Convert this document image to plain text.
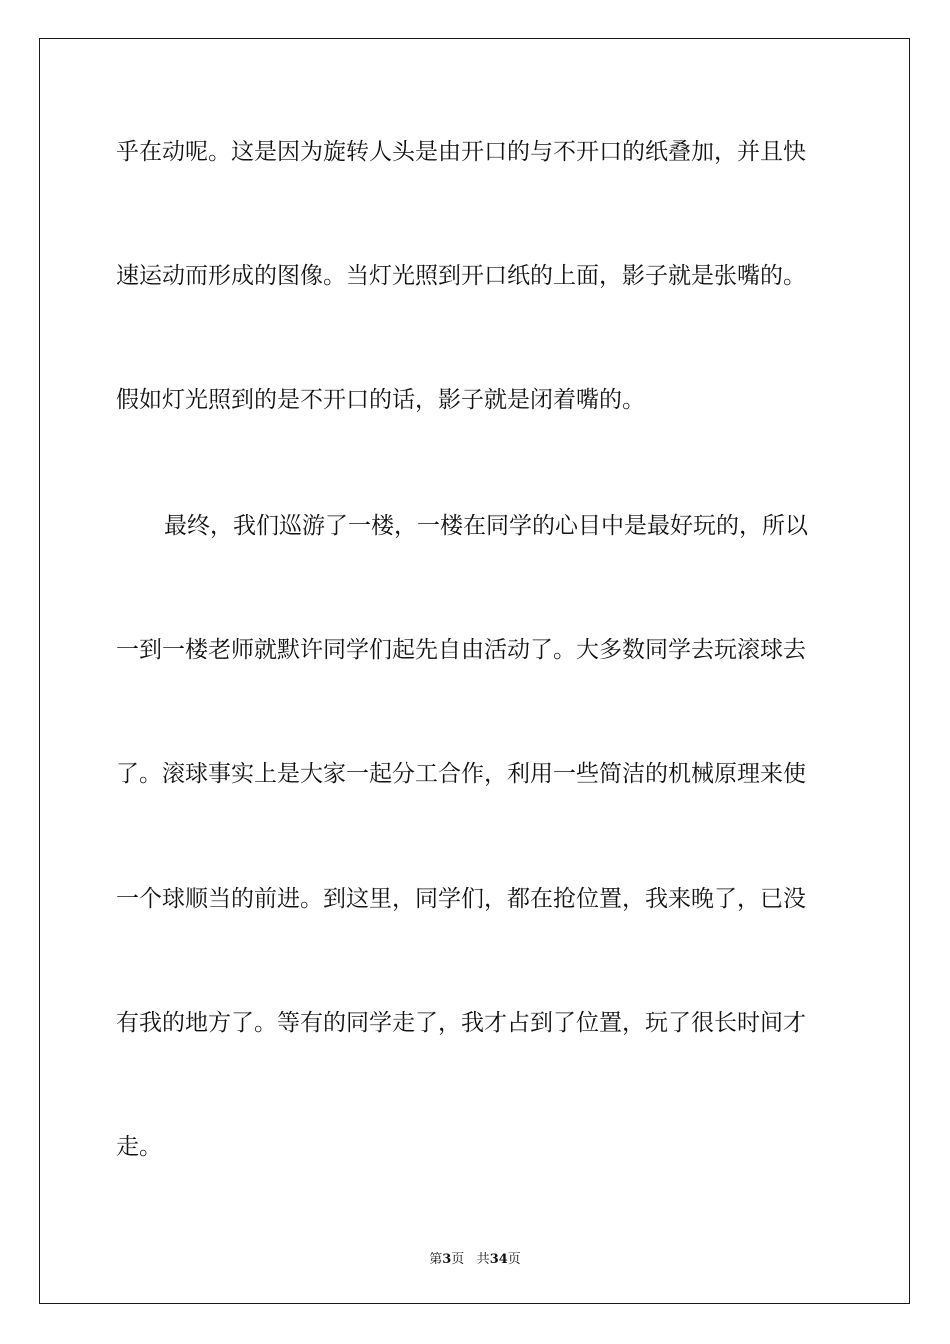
乎在动呢。这是因为旋转人头是由开口的与不开口的纸叠加，并且快
速运动而形成的图像。当灯光照到开口纸的上面，影子就是张嘴的。
假如灯光照到的是不开口的话，影子就是闭着嘴的。
最终，我们巡游了一楼，一楼在同学的心目中是最好玩的，所以
一到一楼老师就默许同学们起先自由活动了。大多数同学去玩滚球去
了。滚球事实上是大家一起分工合作，利用一些简洁的机械原理来使
一个球顺当的前进。到这里，同学们，都在抢位置，我来晚了，已没
有我的地方了。等有的同学走了，我才占到了位置，玩了很长时间才
走。
第3页 共34页
